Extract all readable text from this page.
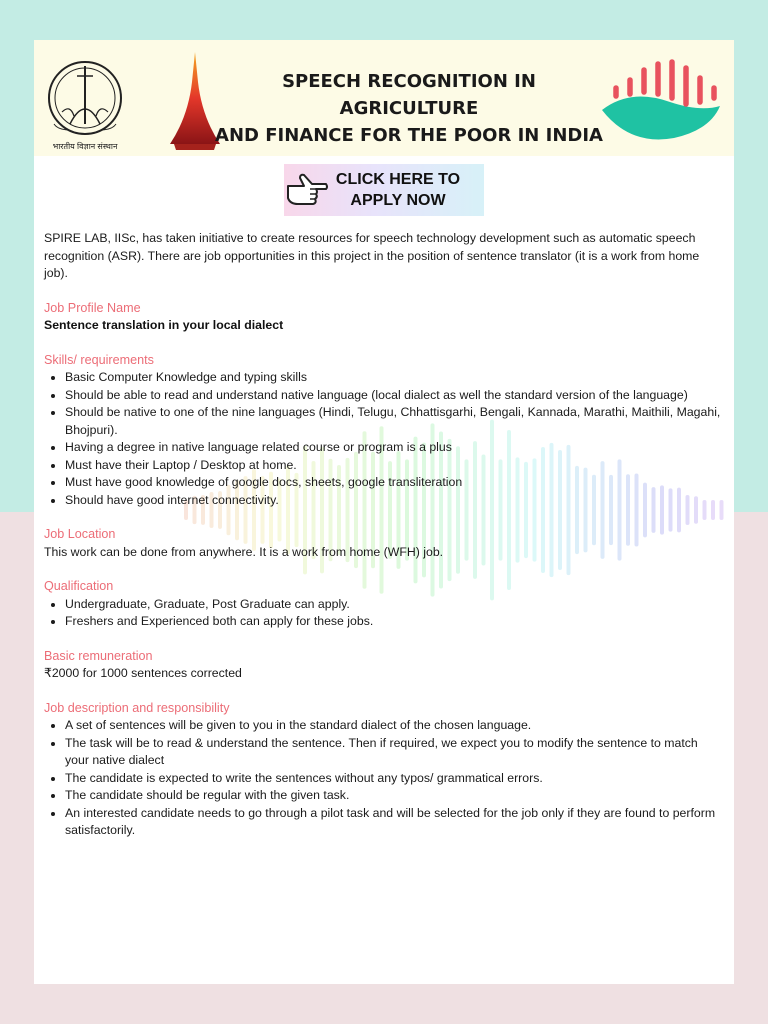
भारतीय विज्ञान संस्थान
SPEECH RECOGNITION IN AGRICULTURE
AND FINANCE FOR THE POOR IN INDIA
CLICK HERE TO
APPLY NOW

SPIRE LAB, IISc, has taken initiative to create resources for speech technology development such as automatic speech recognition (ASR). There are job opportunities in this project in the position of sentence translator (it is a work from home job).

Job Profile Name

Sentence translation in your local dialect

Skills/ requirements

• Basic Computer Knowledge and typing skills
• Should be able to read and understand native language (local dialect as well the standard version of the language)
• Should be native to one of the nine languages (Hindi, Telugu, Chhattisgarhi, Bengali, Kannada, Marathi, Maithili, Magahi, Bhojpuri).
• Having a degree in native language related course or program is a plus
• Must have their Laptop / Desktop at home.
• Must have good knowledge of google docs, sheets, google transliteration
• Should have good internet connectivity.

Job Location

This work can be done from anywhere. It is a work from home (WFH) job.

Qualification

• Undergraduate, Graduate, Post Graduate can apply.
• Freshers and Experienced both can apply for these jobs.

Basic remuneration

₹2000 for 1000 sentences corrected

Job description and responsibility

• A set of sentences will be given to you in the standard dialect of the chosen language.
• The task will be to read & understand the sentence. Then if required, we expect you to modify the sentence to match your native dialect
• The candidate is expected to write the sentences without any typos/ grammatical errors.
• The candidate should be regular with the given task.
• An interested candidate needs to go through a pilot task and will be selected for the job only if they are found to perform satisfactorily.
